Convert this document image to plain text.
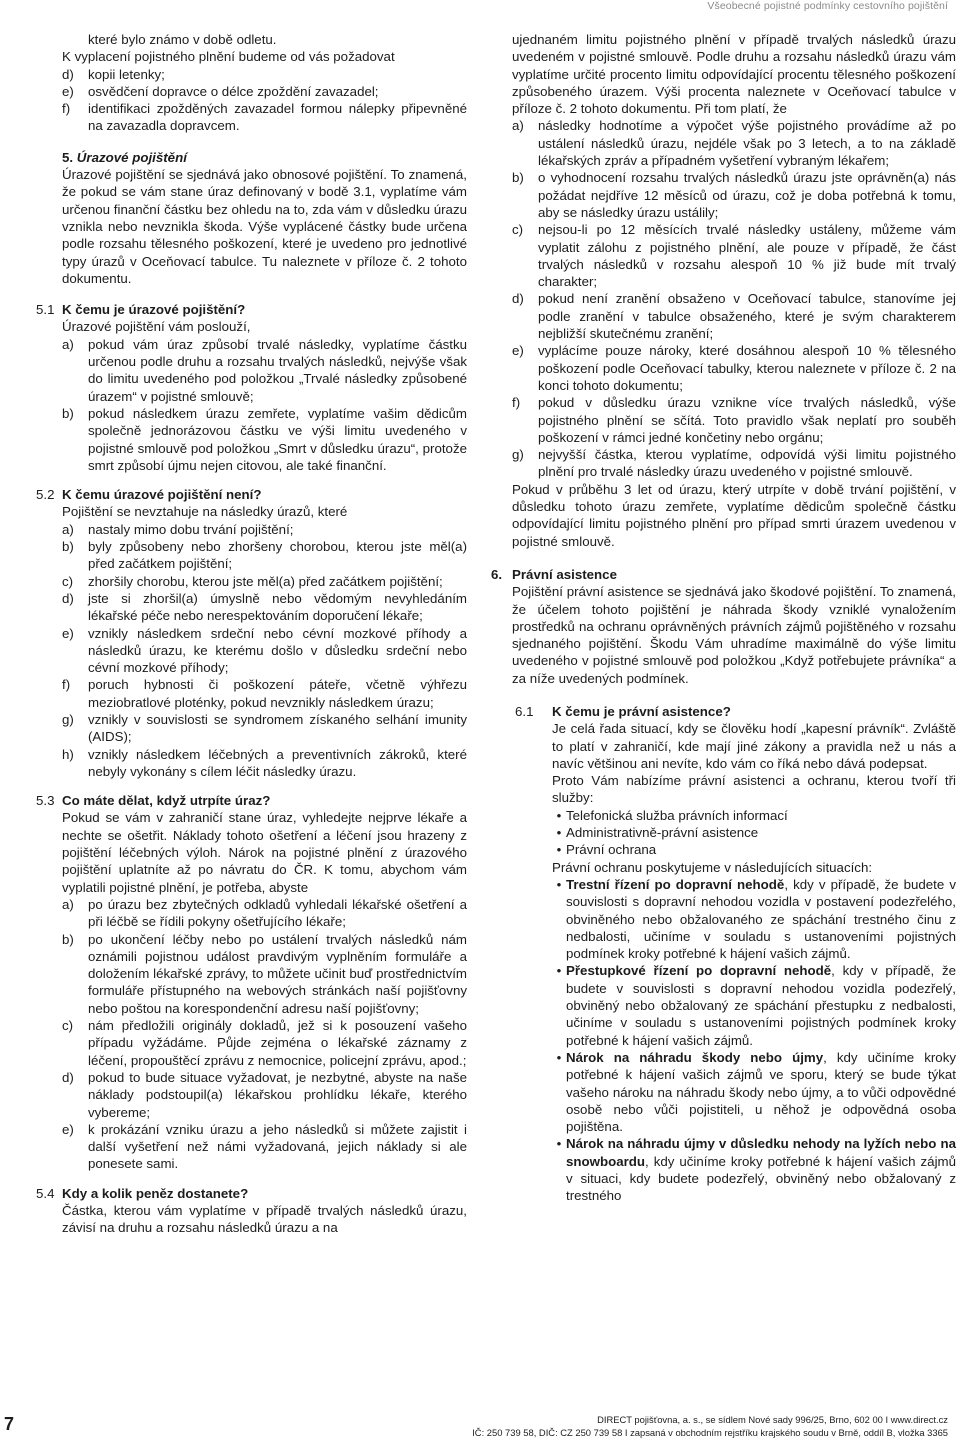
Všeobecné pojistné podmínky cestovního pojištění

které bylo známo v době odletu.

K vyplacení pojistného plnění budeme od vás požadovat

d)	kopii letenky;
e)	osvědčení dopravce o délce zpoždění zavazadel;
f)	identifikaci zpožděných zavazadel formou nálepky připevněné na zavazadla dopravcem.
5. Úrazové pojištění

Úrazové pojištění se sjednává jako obnosové pojištění. To znamená, že pokud se vám stane úraz definovaný v bodě 3.1, vyplatíme vám určenou finanční částku bez ohledu na to, zda vám v důsledku úrazu vznikla nebo nevznikla škoda. Výše vyplácené částky bude určena podle rozsahu tělesného poškození, které je uvedeno pro jednotlivé typy úrazů v Oceňovací tabulce. Tu naleznete v příloze č. 2 tohoto dokumentu.

5.1 K čemu je úrazové pojištění?

Úrazové pojištění vám poslouží,

a)	pokud vám úraz způsobí trvalé následky, vyplatíme částku určenou podle druhu a rozsahu trvalých následků, nejvýše však do limitu uvedeného pod položkou „Trvalé následky způsobené úrazem“ v pojistné smlouvě;
b)	pokud následkem úrazu zemřete, vyplatíme vašim dědicům společně jednorázovou částku ve výši limitu uvedeného v pojistné smlouvě pod položkou „Smrt v důsledku úrazu“, protože smrt způsobí újmu nejen citovou, ale také finanční.
5.2 K čemu úrazové pojištění není?

Pojištění se nevztahuje na následky úrazů, které

a)	nastaly mimo dobu trvání pojištění;
b)	byly způsobeny nebo zhoršeny chorobou, kterou jste měl(a) před začátkem pojištění;
c)	zhoršily chorobu, kterou jste měl(a) před začátkem pojištění;
d)	jste si zhoršil(a) úmyslně nebo vědomým nevyhledáním lékařské péče nebo nerespektováním doporučení lékaře;
e)	vznikly následkem srdeční nebo cévní mozkové příhody a následků úrazu, ke kterému došlo v důsledku srdeční nebo cévní mozkové příhody;
f)	poruch hybnosti či poškození páteře, včetně výhřezu meziobratlové ploténky, pokud nevznikly následkem úrazu;
g)	vznikly v souvislosti se syndromem získaného selhání imunity (AIDS);
h)	vznikly následkem léčebných a preventivních zákroků, které nebyly vykonány s cílem léčit následky úrazu.
5.3 Co máte dělat, když utrpíte úraz?

Pokud se vám v zahraničí stane úraz, vyhledejte nejprve lékaře a nechte se ošetřit. Náklady tohoto ošetření a léčení jsou hrazeny z pojištění léčebných výloh. Nárok na pojistné plnění z úrazového pojištění uplatníte až po návratu do ČR. K tomu, abychom vám vyplatili pojistné plnění, je potřeba, abyste

a)	po úrazu bez zbytečných odkladů vyhledali lékařské ošetření a při léčbě se řídili pokyny ošetřujícího lékaře;
b)	po ukončení léčby nebo po ustálení trvalých následků nám oznámili pojistnou událost pravdivým vyplněním formuláře a doložením lékařské zprávy, to můžete učinit buď prostřednictvím formuláře přístupného na webových stránkách naší pojišťovny nebo poštou na korespondenční adresu naší pojišťovny;
c)	nám předložili originály dokladů, jež si k posouzení vašeho případu vyžádáme. Půjde zejména o lékařské záznamy z léčení, propouštěcí zprávu z nemocnice, policejní zprávu, apod.;
d)	pokud to bude situace vyžadovat, je nezbytné, abyste na naše náklady podstoupil(a) lékařskou prohlídku lékaře, kterého vybereme;
e)	k prokázání vzniku úrazu a jeho následků si můžete zajistit i další vyšetření než námi vyžadovaná, jejich náklady si ale ponesete sami.
5.4 Kdy a kolik peněz dostanete?

Částka, kterou vám vyplatíme v případě trvalých následků úrazu, závisí na druhu a rozsahu následků úrazu a na

ujednaném limitu pojistného plnění v případě trvalých následků úrazu uvedeném v pojistné smlouvě. Podle druhu a rozsahu následků úrazu vám vyplatíme určité procento limitu odpovídající procentu tělesného poškození způsobeného úrazem. Výši procenta naleznete v Oceňovací tabulce v příloze č. 2 tohoto dokumentu. Při tom platí, že

a)	následky hodnotíme a výpočet výše pojistného provádíme až po ustálení následků úrazu, nejdéle však po 3 letech, a to na základě lékařských zpráv a případném vyšetření vybraným lékařem;
b)	o vyhodnocení rozsahu trvalých následků úrazu jste oprávněn(a) nás požádat nejdříve 12 měsíců od úrazu, což je doba potřebná k tomu, aby se následky úrazu ustálily;
c)	nejsou-li po 12 měsících trvalé následky ustáleny, můžeme vám vyplatit zálohu z pojistného plnění, ale pouze v případě, že část trvalých následků v rozsahu alespoň 10 % již bude mít trvalý charakter;
d)	pokud není zranění obsaženo v Oceňovací tabulce, stanovíme jej podle zranění v tabulce obsaženého, které je svým charakterem nejbližší skutečnému zranění;
e)	vyplácíme pouze nároky, které dosáhnou alespoň 10 % tělesného poškození podle Oceňovací tabulky, kterou naleznete v příloze č. 2 na konci tohoto dokumentu;
f)	pokud v důsledku úrazu vznikne více trvalých následků, výše pojistného plnění se sčítá. Toto pravidlo však neplatí pro souběh poškození v rámci jedné končetiny nebo orgánu;
g)	nejvyšší částka, kterou vyplatíme, odpovídá výši limitu pojistného plnění pro trvalé následky úrazu uvedeného v pojistné smlouvě.

Pokud v průběhu 3 let od úrazu, který utrpíte v době trvání pojištění, v důsledku tohoto úrazu zemřete, vyplatíme dědicům společně částku odpovídající limitu pojistného plnění pro případ smrti úrazem uvedenou v pojistné smlouvě.

6. Právní asistence

Pojištění právní asistence se sjednává jako škodové pojištění. To znamená, že účelem tohoto pojištění je náhrada škody vzniklé vynaložením prostředků na ochranu oprávněných právních zájmů pojištěného v rozsahu sjednaného pojištění. Škodu Vám uhradíme maximálně do výše limitu uvedeného v pojistné smlouvě pod položkou „Když potřebujete právníka“ a za níže uvedených podmínek.

6.1 K čemu je právní asistence?

Je celá řada situací, kdy se člověku hodí „kapesní právník“. Zvláště to platí v zahraničí, kde mají jiné zákony a pravidla než u nás a navíc většinou ani nevíte, kdo vám co říká nebo dává podepsat.

Proto Vám nabízíme právní asistenci a ochranu, kterou tvoří tři služby:

• Telefonická služba právních informací
• Administrativně-právní asistence
• Právní ochrana

Právní ochranu poskytujeme v následujících situacích:

• Trestní řízení po dopravní nehodě, kdy v případě, že budete v souvislosti s dopravní nehodou vozidla v postavení podezřelého, obviněného nebo obžalovaného ze spáchání trestného činu z nedbalosti, učiníme v souladu s ustanoveními pojistných podmínek kroky potřebné k hájení vašich zájmů.
• Přestupkové řízení po dopravní nehodě, kdy v případě, že budete v souvislosti s dopravní nehodou vozidla podezřelý, obviněný nebo obžalovaný ze spáchání přestupku z nedbalosti, učiníme v souladu s ustanoveními pojistných podmínek kroky potřebné k hájení vašich zájmů.
• Nárok na náhradu škody nebo újmy, kdy učiníme kroky potřebné k hájení vašich zájmů ve sporu, který se bude týkat vašeho nároku na náhradu škody nebo újmy, a to vůči odpovědné osobě nebo vůči pojistiteli, u něhož je odpovědná osoba pojištěna.
• Nárok na náhradu újmy v důsledku nehody na lyžích nebo na snowboardu, kdy učiníme kroky potřebné k hájení vašich zájmů v situaci, kdy budete podezřelý, obviněný nebo obžalovaný z trestného
7	DIRECT pojišťovna, a. s., se sídlem Nové sady 996/25, Brno, 602 00 I www.direct.cz
IČ: 250 739 58, DIČ: CZ 250 739 58 I zapsaná v obchodním rejstříku krajského soudu v Brně, oddíl B, vložka 3365
